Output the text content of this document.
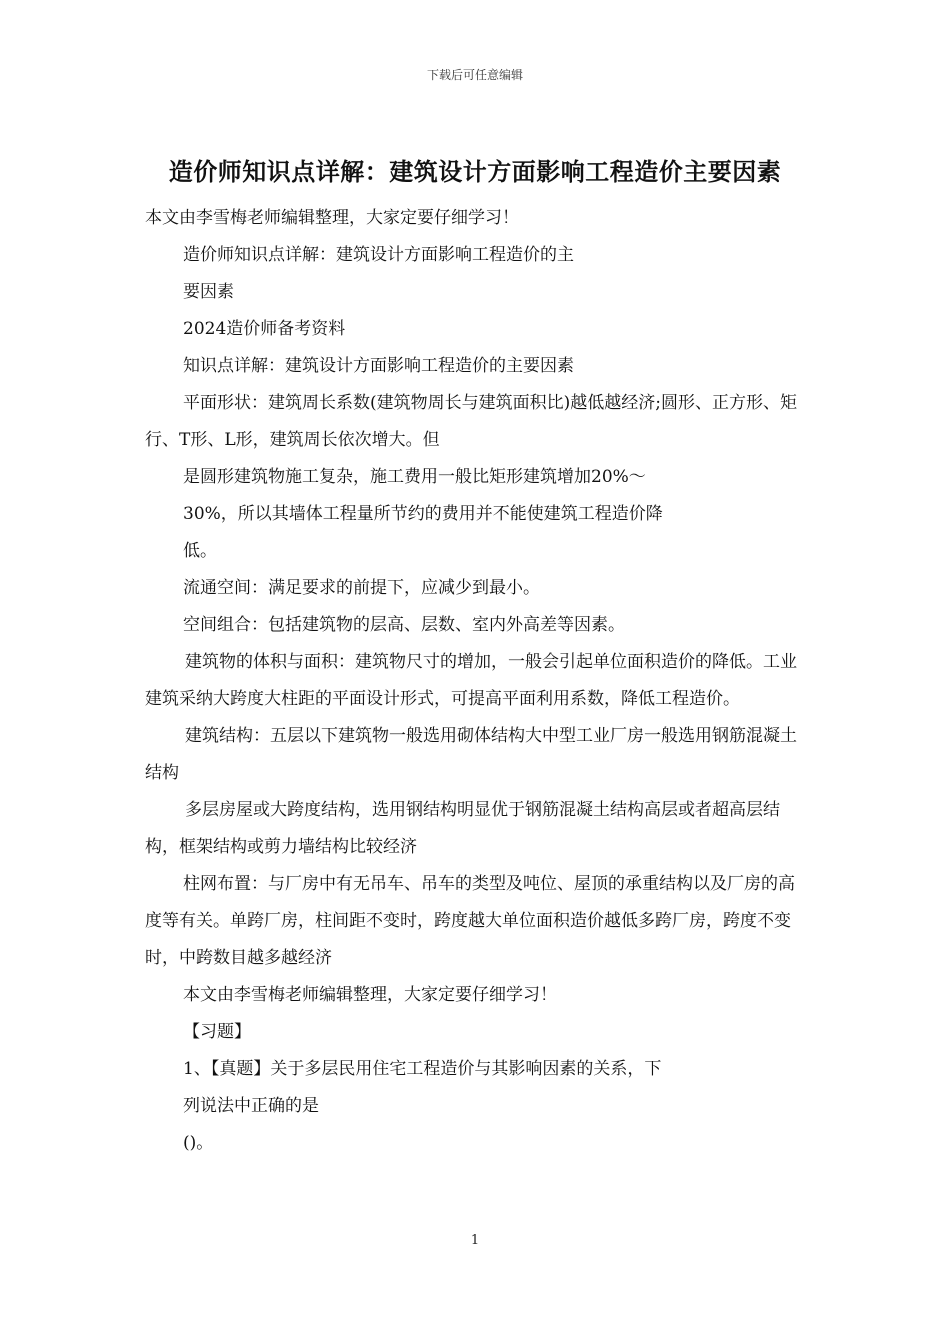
下载后可任意编辑
造价师知识点详解：建筑设计方面影响工程造价主要因素

本文由李雪梅老师编辑整理，大家定要仔细学习！

造价师知识点详解：建筑设计方面影响工程造价的主

要因素

2024造价师备考资料

知识点详解：建筑设计方面影响工程造价的主要因素

平面形状：建筑周长系数(建筑物周长与建筑面积比)越低越经济;圆形、正方形、矩行、T形、L形，建筑周长依次增大。但

是圆形建筑物施工复杂，施工费用一般比矩形建筑增加20%～

30%，所以其墙体工程量所节约的费用并不能使建筑工程造价降

低。

流通空间：满足要求的前提下，应减少到最小。

空间组合：包括建筑物的层高、层数、室内外高差等因素。

建筑物的体积与面积：建筑物尺寸的增加，一般会引起单位面积造价的降低。工业建筑采纳大跨度大柱距的平面设计形式，可提高平面利用系数，降低工程造价。

建筑结构：五层以下建筑物一般选用砌体结构大中型工业厂房一般选用钢筋混凝土结构

多层房屋或大跨度结构，选用钢结构明显优于钢筋混凝土结构高层或者超高层结构，框架结构或剪力墙结构比较经济

柱网布置：与厂房中有无吊车、吊车的类型及吨位、屋顶的承重结构以及厂房的高度等有关。单跨厂房，柱间距不变时，跨度越大单位面积造价越低多跨厂房，跨度不变时，中跨数目越多越经济

本文由李雪梅老师编辑整理，大家定要仔细学习！

【习题】

1、【真题】关于多层民用住宅工程造价与其影响因素的关系，下

列说法中正确的是

()。

1
